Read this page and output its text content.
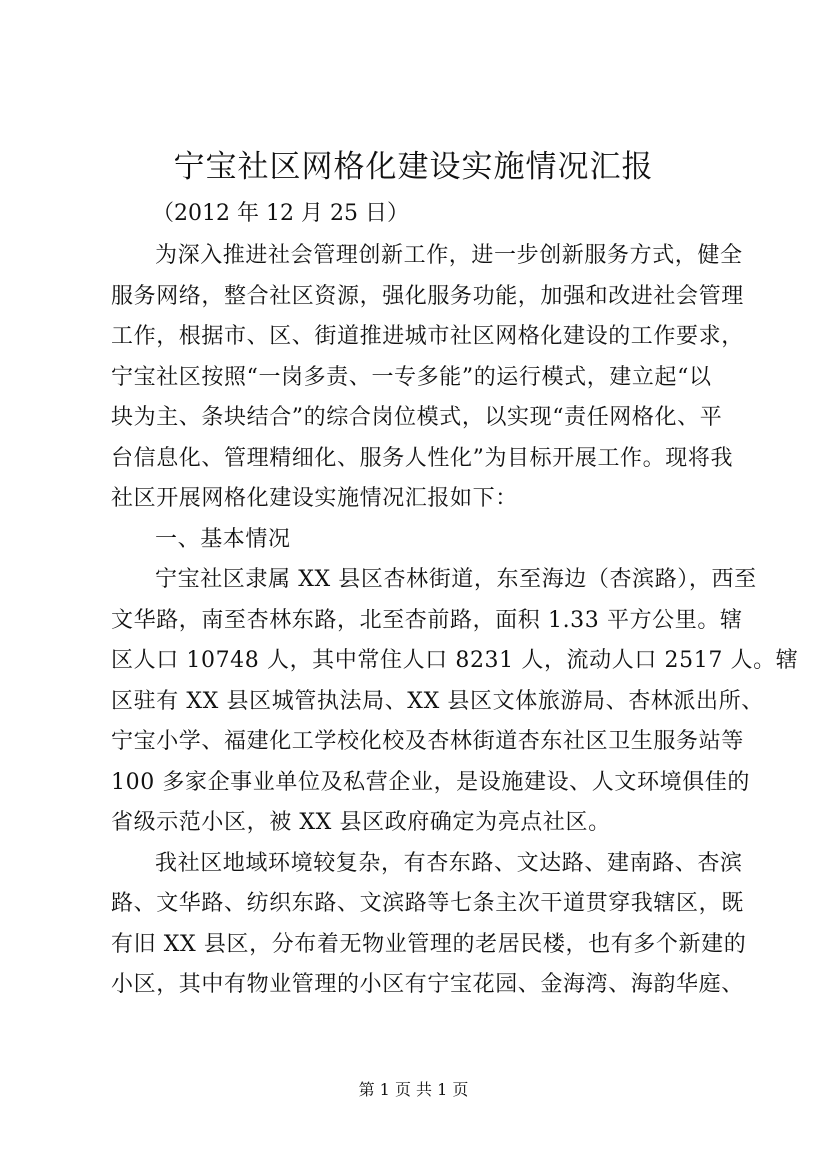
宁宝社区网格化建设实施情况汇报

（2012 年 12 月 25 日）

为深入推进社会管理创新工作，进一步创新服务方式，健全
服务网络，整合社区资源，强化服务功能，加强和改进社会管理
工作，根据市、区、街道推进城市社区网格化建设的工作要求，
宁宝社区按照“一岗多责、一专多能”的运行模式，建立起“以
块为主、条块结合”的综合岗位模式，以实现“责任网格化、平
台信息化、管理精细化、服务人性化”为目标开展工作。现将我
社区开展网格化建设实施情况汇报如下：
一、基本情况
宁宝社区隶属 XX 县区杏林街道，东至海边（杏滨路），西至
文华路，南至杏林东路，北至杏前路，面积 1.33 平方公里。辖
区人口 10748 人，其中常住人口 8231 人，流动人口 2517 人。辖
区驻有 XX 县区城管执法局、XX 县区文体旅游局、杏林派出所、
宁宝小学、福建化工学校化校及杏林街道杏东社区卫生服务站等
100 多家企事业单位及私营企业，是设施建设、人文环境俱佳的
省级示范小区，被 XX 县区政府确定为亮点社区。
我社区地域环境较复杂，有杏东路、文达路、建南路、杏滨
路、文华路、纺织东路、文滨路等七条主次干道贯穿我辖区，既
有旧 XX 县区，分布着无物业管理的老居民楼，也有多个新建的
小区，其中有物业管理的小区有宁宝花园、金海湾、海韵华庭、
第 1 页 共 1 页
